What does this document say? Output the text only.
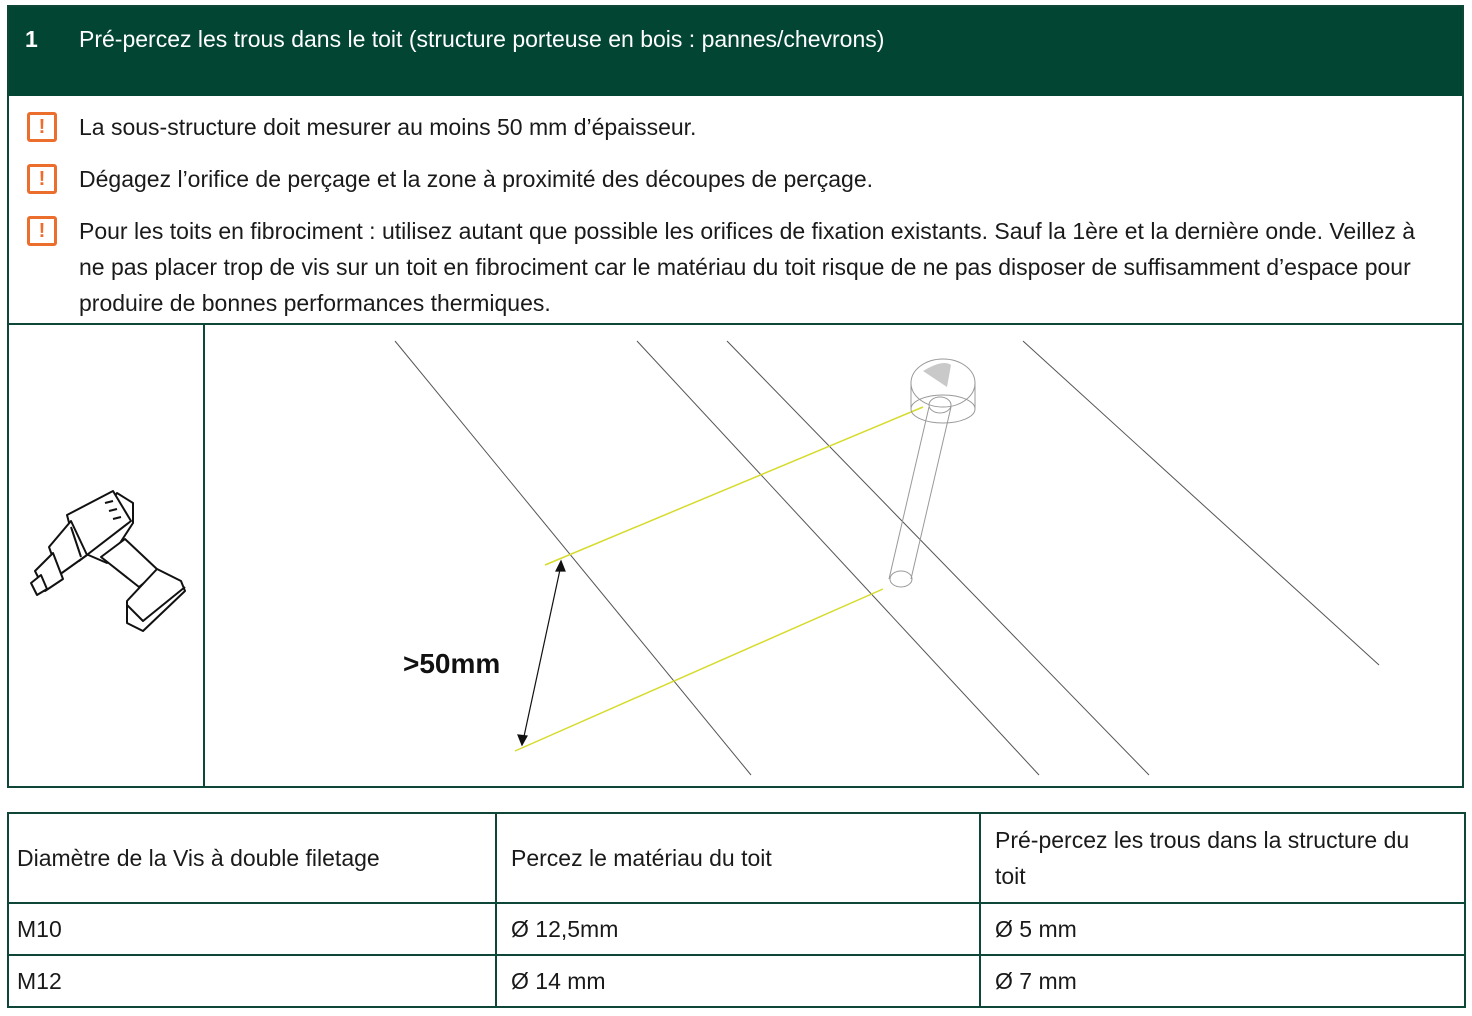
1 Pré-percez les trous dans le toit (structure porteuse en bois : pannes/chevrons)
!	La sous-structure doit mesurer au moins 50 mm d’épaisseur.
!	Dégagez l’orifice de perçage et la zone à proximité des découpes de perçage.
!	Pour les toits en fibrociment : utilisez autant que possible les orifices de fixation existants. Sauf la 1ère et la dernière onde. Veillez à ne pas placer trop de vis sur un toit en fibrociment car le matériau du toit risque de ne pas disposer de suffisamment d’espace pour produire de bonnes performances thermiques.
>50mm
Diamètre de la Vis à double filetage	Percez le matériau du toit	Pré-percez les trous dans la structure du toit
M10	Ø 12,5mm	Ø 5 mm
M12	Ø 14 mm	Ø 7 mm
